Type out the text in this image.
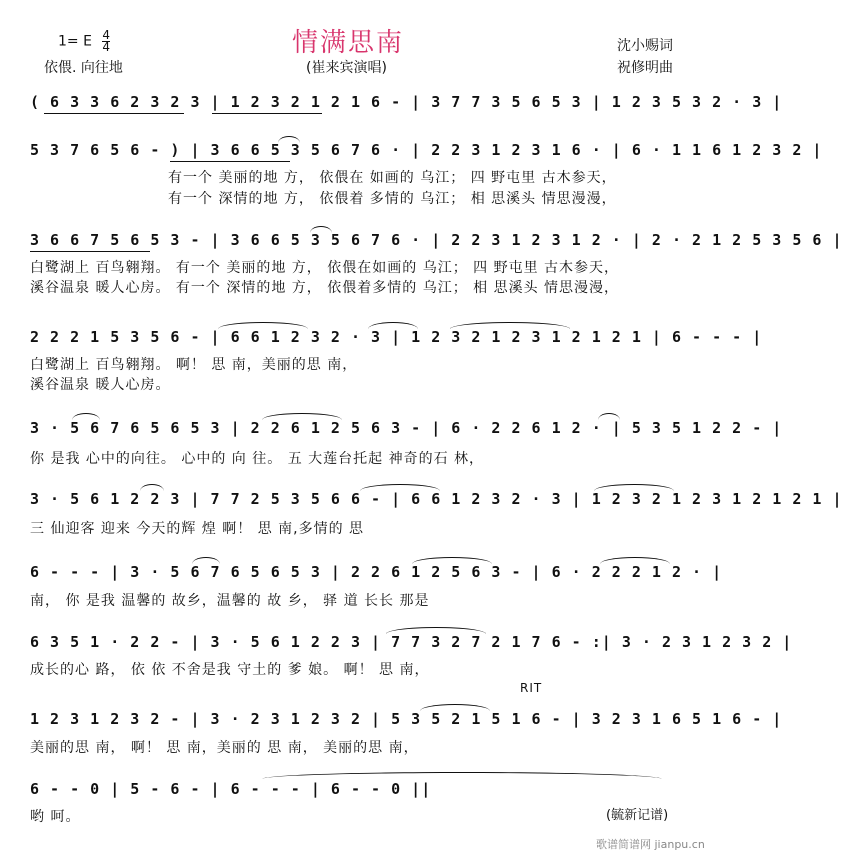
情满思南
1= E $\frac{4}{4}$
依偎. 向往地	(崔来宾演唱)
沈小赐词
祝修明曲
( 6 3 3 6 2 3 2 3 | 1 2 3 2 1 2 1 6 - | 3 7 7 3 5 6 5 3 | 1 2 3 5 3 2 · 3 |
5 3 7 6 5 6 - ) | 3 6 6 5 3 5 6 7 6 · | 2 2 3 1 2 3 1 6 · | 6 · 1 1 6 1 2 3 2 |
有一个 美丽的地 方， 依偎在 如画的 乌江； 四 野屯里 古木参天，
有一个 深情的地 方， 依偎着 多情的 乌江； 相 思溪头 情思漫漫，
3 6 6 7 5 6 5 3 - | 3 6 6 5 3 5 6 7 6 · | 2 2 3 1 2 3 1 2 · | 2 · 2 1 2 5 3 5 6 |
白鹭湖上 百鸟翱翔。 有一个 美丽的地 方， 依偎在如画的 乌江； 四 野屯里 古木参天，
溪谷温泉 暖人心房。 有一个 深情的地 方， 依偎着多情的 乌江； 相 思溪头 情思漫漫，
2 2 2 1 5 3 5 6 - | 6 6 1 2 3 2 · 3 | 1 2 3 2 1 2 3 1 2 1 2 1 | 6 - - - |
白鹭湖上 百鸟翱翔。 啊！ 思 南，美丽的思 南，
溪谷温泉 暖人心房。
3 · 5 6 7 6 5 6 5 3 | 2 2 6 1 2 5 6 3 - | 6 · 2 2 6 1 2 · | 5 3 5 1 2 2 - |
你 是我 心中的向往。 心中的 向 往。 五 大莲台托起 神奇的石 林，
3 · 5 6 1 2 2 3 | 7 7 2 5 3 5 6 6 - | 6 6 1 2 3 2 · 3 | 1 2 3 2 1 2 3 1 2 1 2 1 |
三 仙迎客 迎来 今天的辉 煌 啊！ 思 南,多情的 思
6 - - - | 3 · 5 6 7 6 5 6 5 3 | 2 2 6 1 2 5 6 3 - | 6 · 2 2 2 1 2 · |
南， 你 是我 温馨的 故乡，温馨的 故 乡， 驿 道 长长 那是
6 3 5 1 · 2 2 - | 3 · 5 6 1 2 2 3 | 7 7 3 2 7 2 1 7 6 - :| 3 · 2 3 1 2 3 2 |
成长的心 路， 依 依 不舍是我 守土的 爹 娘。 啊！ 思 南，
RIT
1 2 3 1 2 3 2 - | 3 · 2 3 1 2 3 2 | 5 3 5 2 1 5 1 6 - | 3 2 3 1 6 5 1 6 - |
美丽的思 南， 啊！ 思 南，美丽的 思 南， 美丽的思 南，
6 - - 0 | 5 - 6 - | 6 - - - | 6 - - 0 ||
哟 呵。	(毓新记谱)
歌谱简谱网 jianpu.cn
